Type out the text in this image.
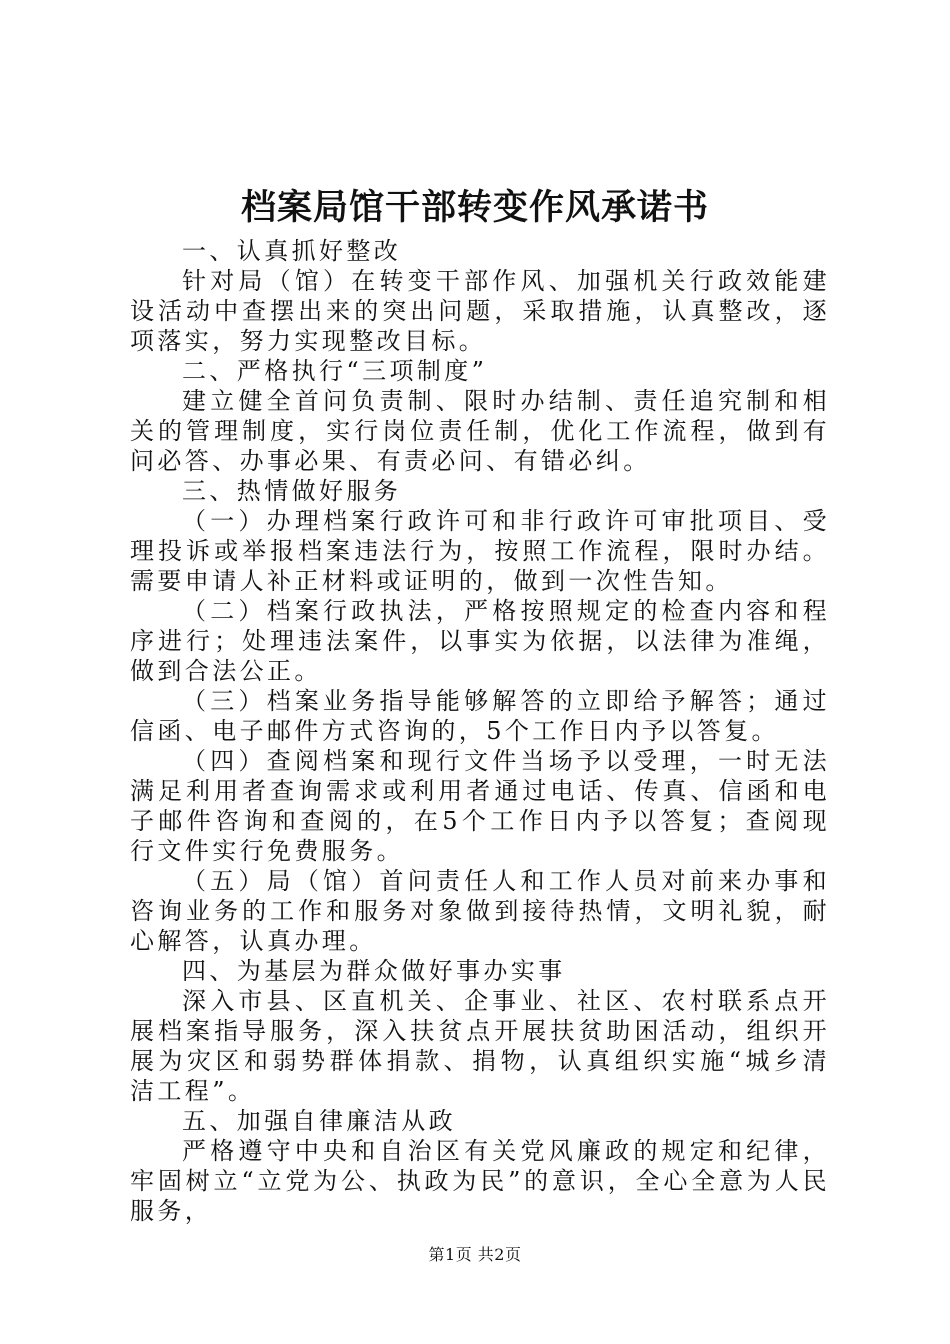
档案局馆干部转变作风承诺书

一、认真抓好整改

针对局（馆）在转变干部作风、加强机关行政效能建设活动中查摆出来的突出问题，采取措施，认真整改，逐项落实，努力实现整改目标。

二、严格执行“三项制度”

建立健全首问负责制、限时办结制、责任追究制和相关的管理制度，实行岗位责任制，优化工作流程，做到有问必答、办事必果、有责必问、有错必纠。

三、热情做好服务

（一）办理档案行政许可和非行政许可审批项目、受理投诉或举报档案违法行为，按照工作流程，限时办结。需要申请人补正材料或证明的，做到一次性告知。

（二）档案行政执法，严格按照规定的检查内容和程序进行；处理违法案件，以事实为依据，以法律为准绳，做到合法公正。

（三）档案业务指导能够解答的立即给予解答；通过信函、电子邮件方式咨询的，5个工作日内予以答复。

（四）查阅档案和现行文件当场予以受理，一时无法满足利用者查询需求或利用者通过电话、传真、信函和电子邮件咨询和查阅的，在5个工作日内予以答复；查阅现行文件实行免费服务。

（五）局（馆）首问责任人和工作人员对前来办事和咨询业务的工作和服务对象做到接待热情，文明礼貌，耐心解答，认真办理。

四、为基层为群众做好事办实事

深入市县、区直机关、企事业、社区、农村联系点开展档案指导服务，深入扶贫点开展扶贫助困活动，组织开展为灾区和弱势群体捐款、捐物，认真组织实施“城乡清洁工程”。

五、加强自律廉洁从政

严格遵守中央和自治区有关党风廉政的规定和纪律，牢固树立“立党为公、执政为民”的意识，全心全意为人民服务，

第1页 共2页
